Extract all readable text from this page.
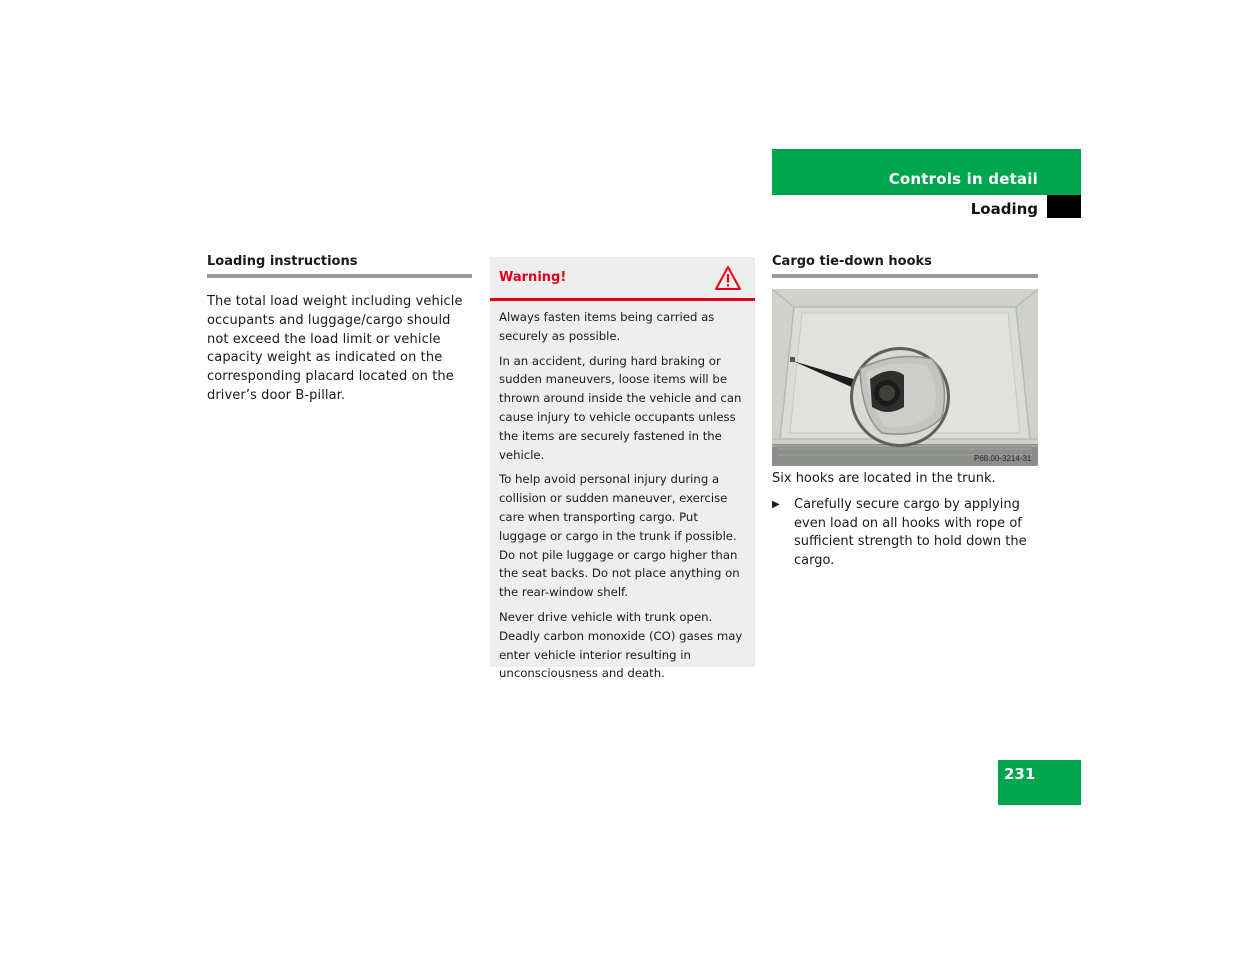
Controls in detail
Loading
Loading instructions
The total load weight including vehicle occupants and luggage/cargo should not exceed the load limit or vehicle capacity weight as indicated on the corresponding placard located on the driver’s door B-pillar.
Warning!

Always fasten items being carried as securely as possible.

In an accident, during hard braking or sudden maneuvers, loose items will be thrown around inside the vehicle and can cause injury to vehicle occupants unless the items are securely fastened in the vehicle.

To help avoid personal injury during a collision or sudden maneuver, exercise care when transporting cargo. Put luggage or cargo in the trunk if possible. Do not pile luggage or cargo higher than the seat backs. Do not place anything on the rear-window shelf.

Never drive vehicle with trunk open. Deadly carbon monoxide (CO) gases may enter vehicle interior resulting in unconsciousness and death.

Cargo tie-down hooks
P68.00-3214-31
Six hooks are located in the trunk.
▶	Carefully secure cargo by applying even load on all hooks with rope of sufficient strength to hold down the cargo.
231
